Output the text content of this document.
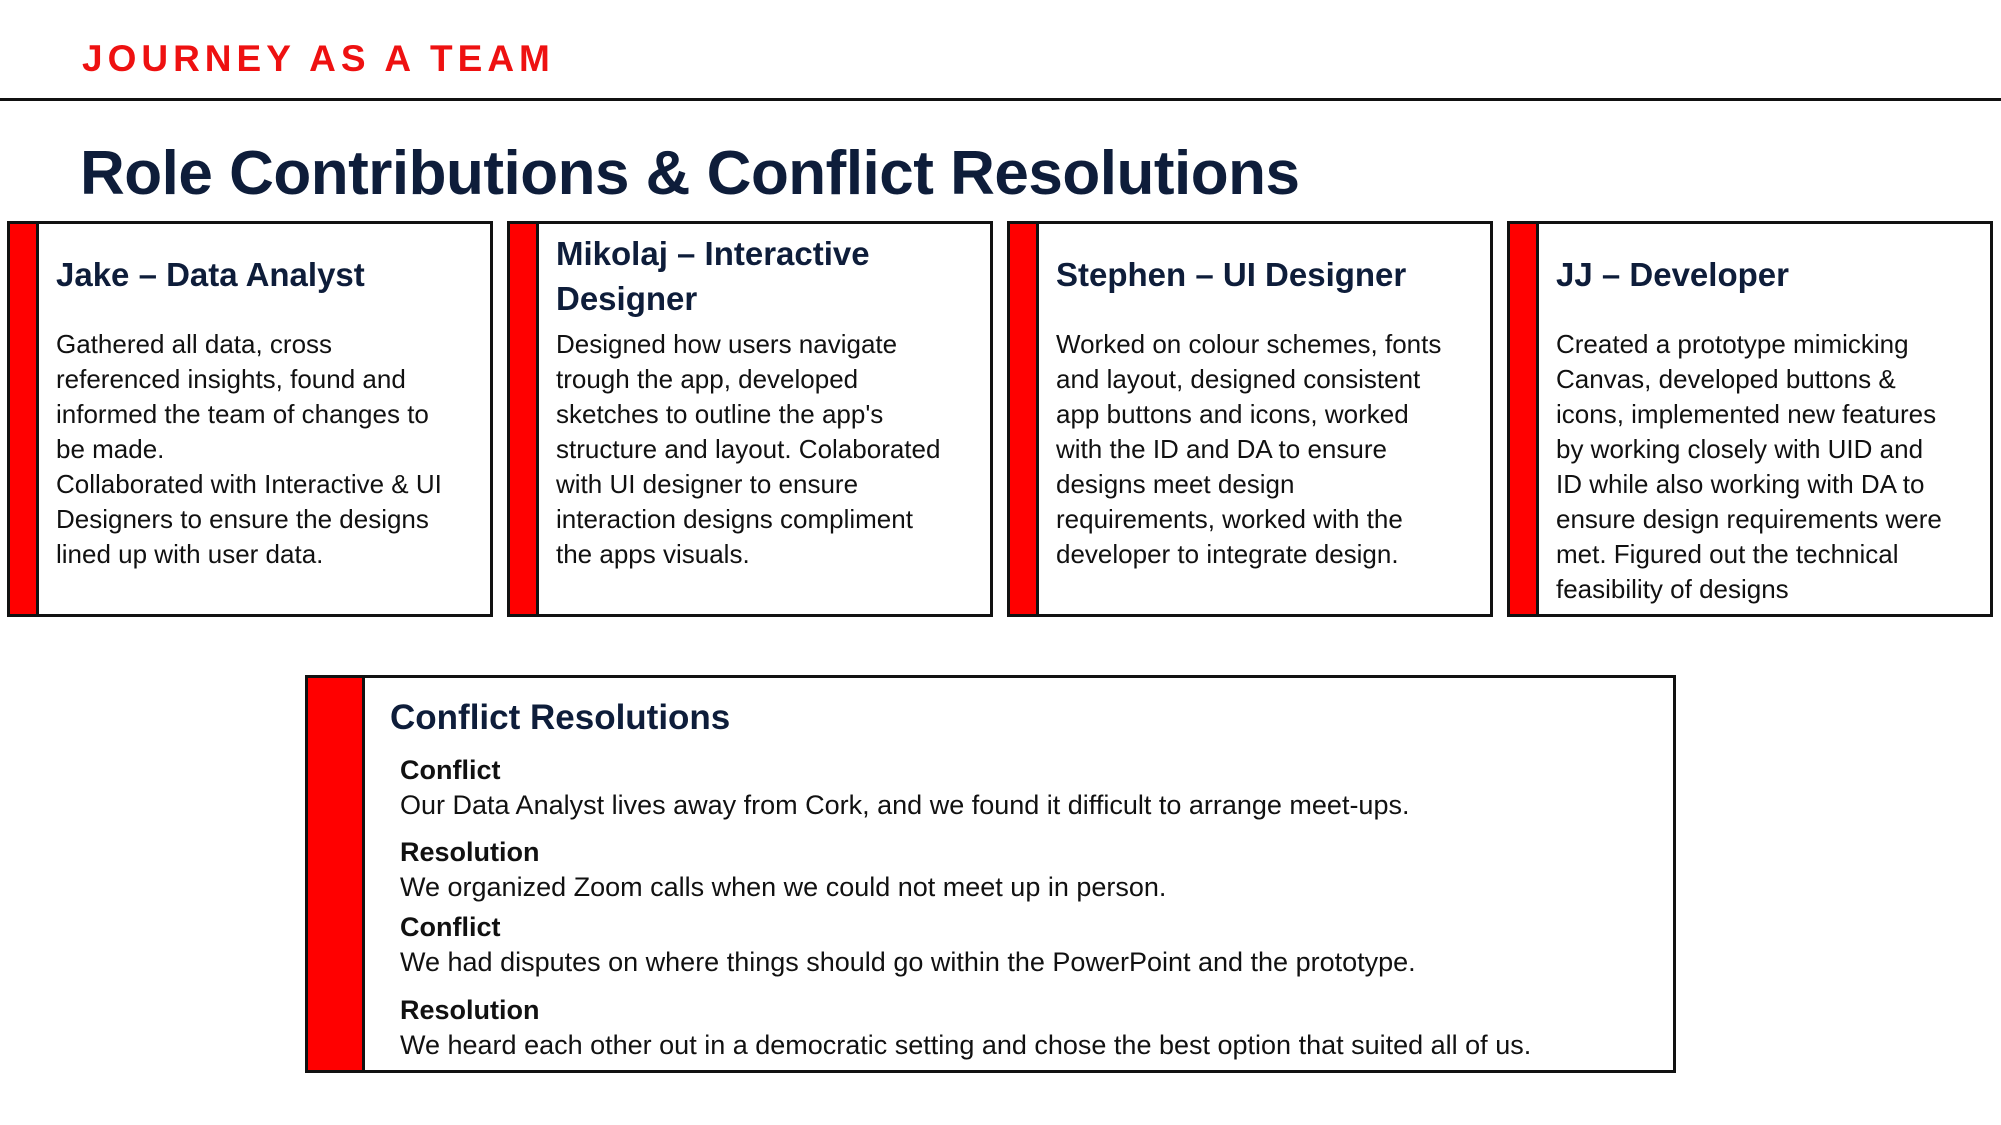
JOURNEY AS A TEAM
Role Contributions & Conflict Resolutions
Jake – Data Analyst
Gathered all data, cross
referenced insights, found and
informed the team of changes to
be made.
Collaborated with Interactive & UI
Designers to ensure the designs
lined up with user data.
Mikolaj – Interactive Designer
Designed how users navigate
trough the app, developed
sketches to outline the app's
structure and layout. Colaborated
with UI designer to ensure
interaction designs compliment
the apps visuals.
Stephen – UI Designer
Worked on colour schemes, fonts
and layout, designed consistent
app buttons and icons, worked
with the ID and DA to ensure
designs meet design
requirements, worked with the
developer to integrate design.
JJ – Developer
Created a prototype mimicking
Canvas, developed buttons &
icons, implemented new features
by working closely with UID and
ID while also working with DA to
ensure design requirements were
met. Figured out the technical
feasibility of designs
Conflict Resolutions
Conflict
Our Data Analyst lives away from Cork, and we found it difficult to arrange meet-ups.
Resolution
We organized Zoom calls when we could not meet up in person.
Conflict
We had disputes on where things should go within the PowerPoint and the prototype.
Resolution
We heard each other out in a democratic setting and chose the best option that suited all of us.
